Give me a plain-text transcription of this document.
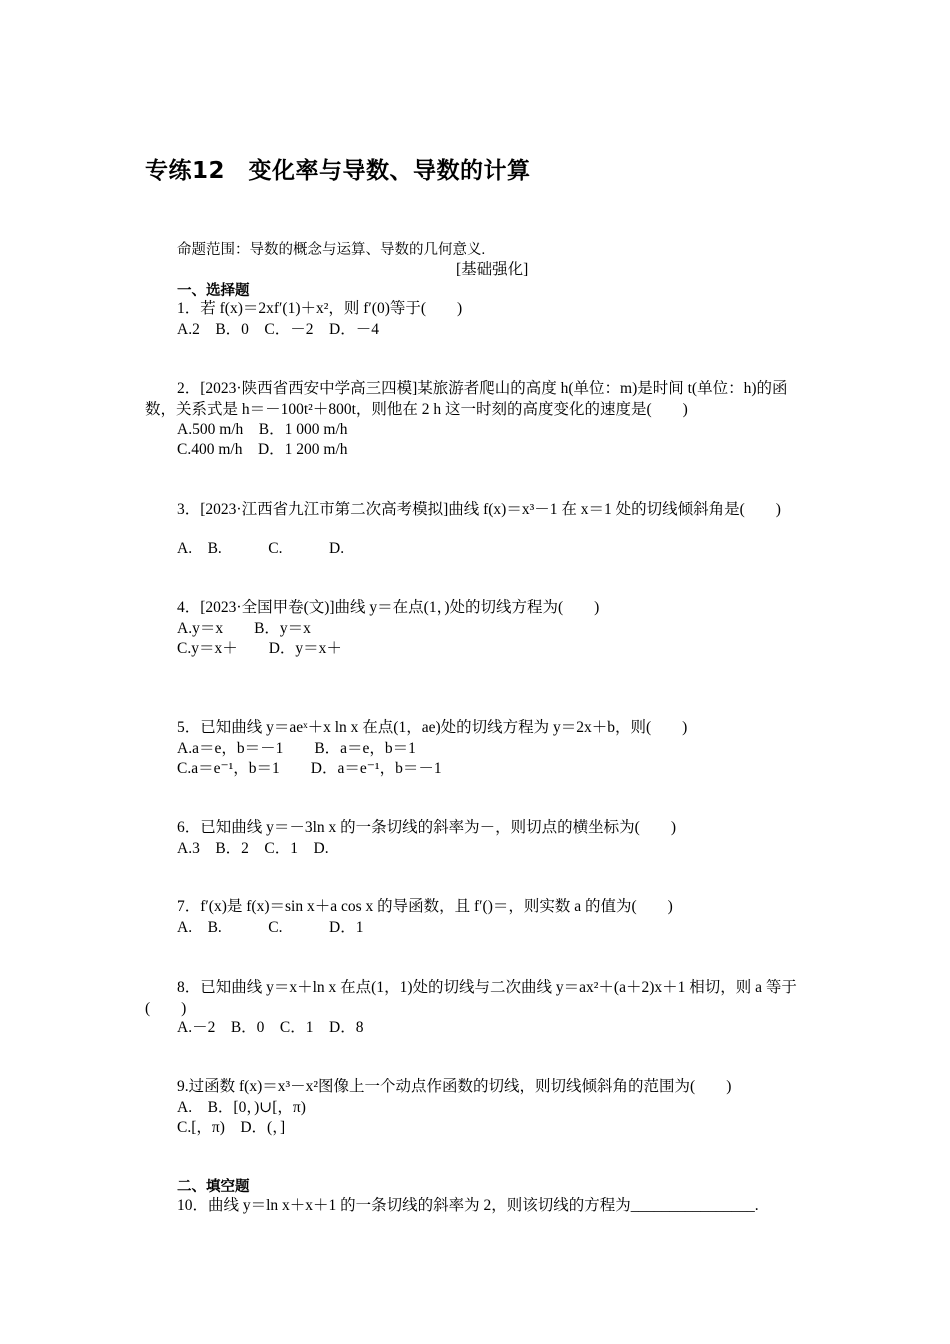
专练12　变化率与导数、导数的计算
命题范围：导数的概念与运算、导数的几何意义.
[基础强化]
一、选择题
1．若 f(x)＝2xf′(1)＋x²，则 f′(0)等于(　　)
A.2　B．0　C．－2　D．－4
2．[2023·陕西省西安中学高三四模]某旅游者爬山的高度 h(单位：m)是时间 t(单位：h)的函数，关系式是 h＝－100t²＋800t，则他在 2 h 这一时刻的高度变化的速度是(　　)
A.500 m/h　B．1 000 m/h
C.400 m/h　D．1 200 m/h
3．[2023·江西省九江市第二次高考模拟]曲线 f(x)＝x³－1 在 x＝1 处的切线倾斜角是(　　)
A.　B.　　　C.　　　D.
4．[2023·全国甲卷(文)]曲线 y＝在点(1，)处的切线方程为(　　)
A.y＝x　　B．y＝x
C.y＝x＋　　D．y＝x＋
5．已知曲线 y＝aeˣ＋x ln x 在点(1，ae)处的切线方程为 y＝2x＋b，则(　　)
A.a＝e，b＝－1　　B．a＝e，b＝1
C.a＝e⁻¹，b＝1　　D．a＝e⁻¹，b＝－1
6．已知曲线 y＝－3ln x 的一条切线的斜率为－，则切点的横坐标为(　　)
A.3　B．2　C．1　D.
7．f′(x)是 f(x)＝sin x＋a cos x 的导函数，且 f′()＝，则实数 a 的值为(　　)
A.　B.　　　C.　　　D．1
8．已知曲线 y＝x＋ln x 在点(1，1)处的切线与二次曲线 y＝ax²＋(a＋2)x＋1 相切，则 a 等于(　　)
A.－2　B．0　C．1　D．8
9.过函数 f(x)＝x³－x²图像上一个动点作函数的切线，则切线倾斜角的范围为(　　)
A.　B．[0，)∪[，π)
C.[，π)　D．(，]
二、填空题
10．曲线 y＝ln x＋x＋1 的一条切线的斜率为 2，则该切线的方程为________________.
